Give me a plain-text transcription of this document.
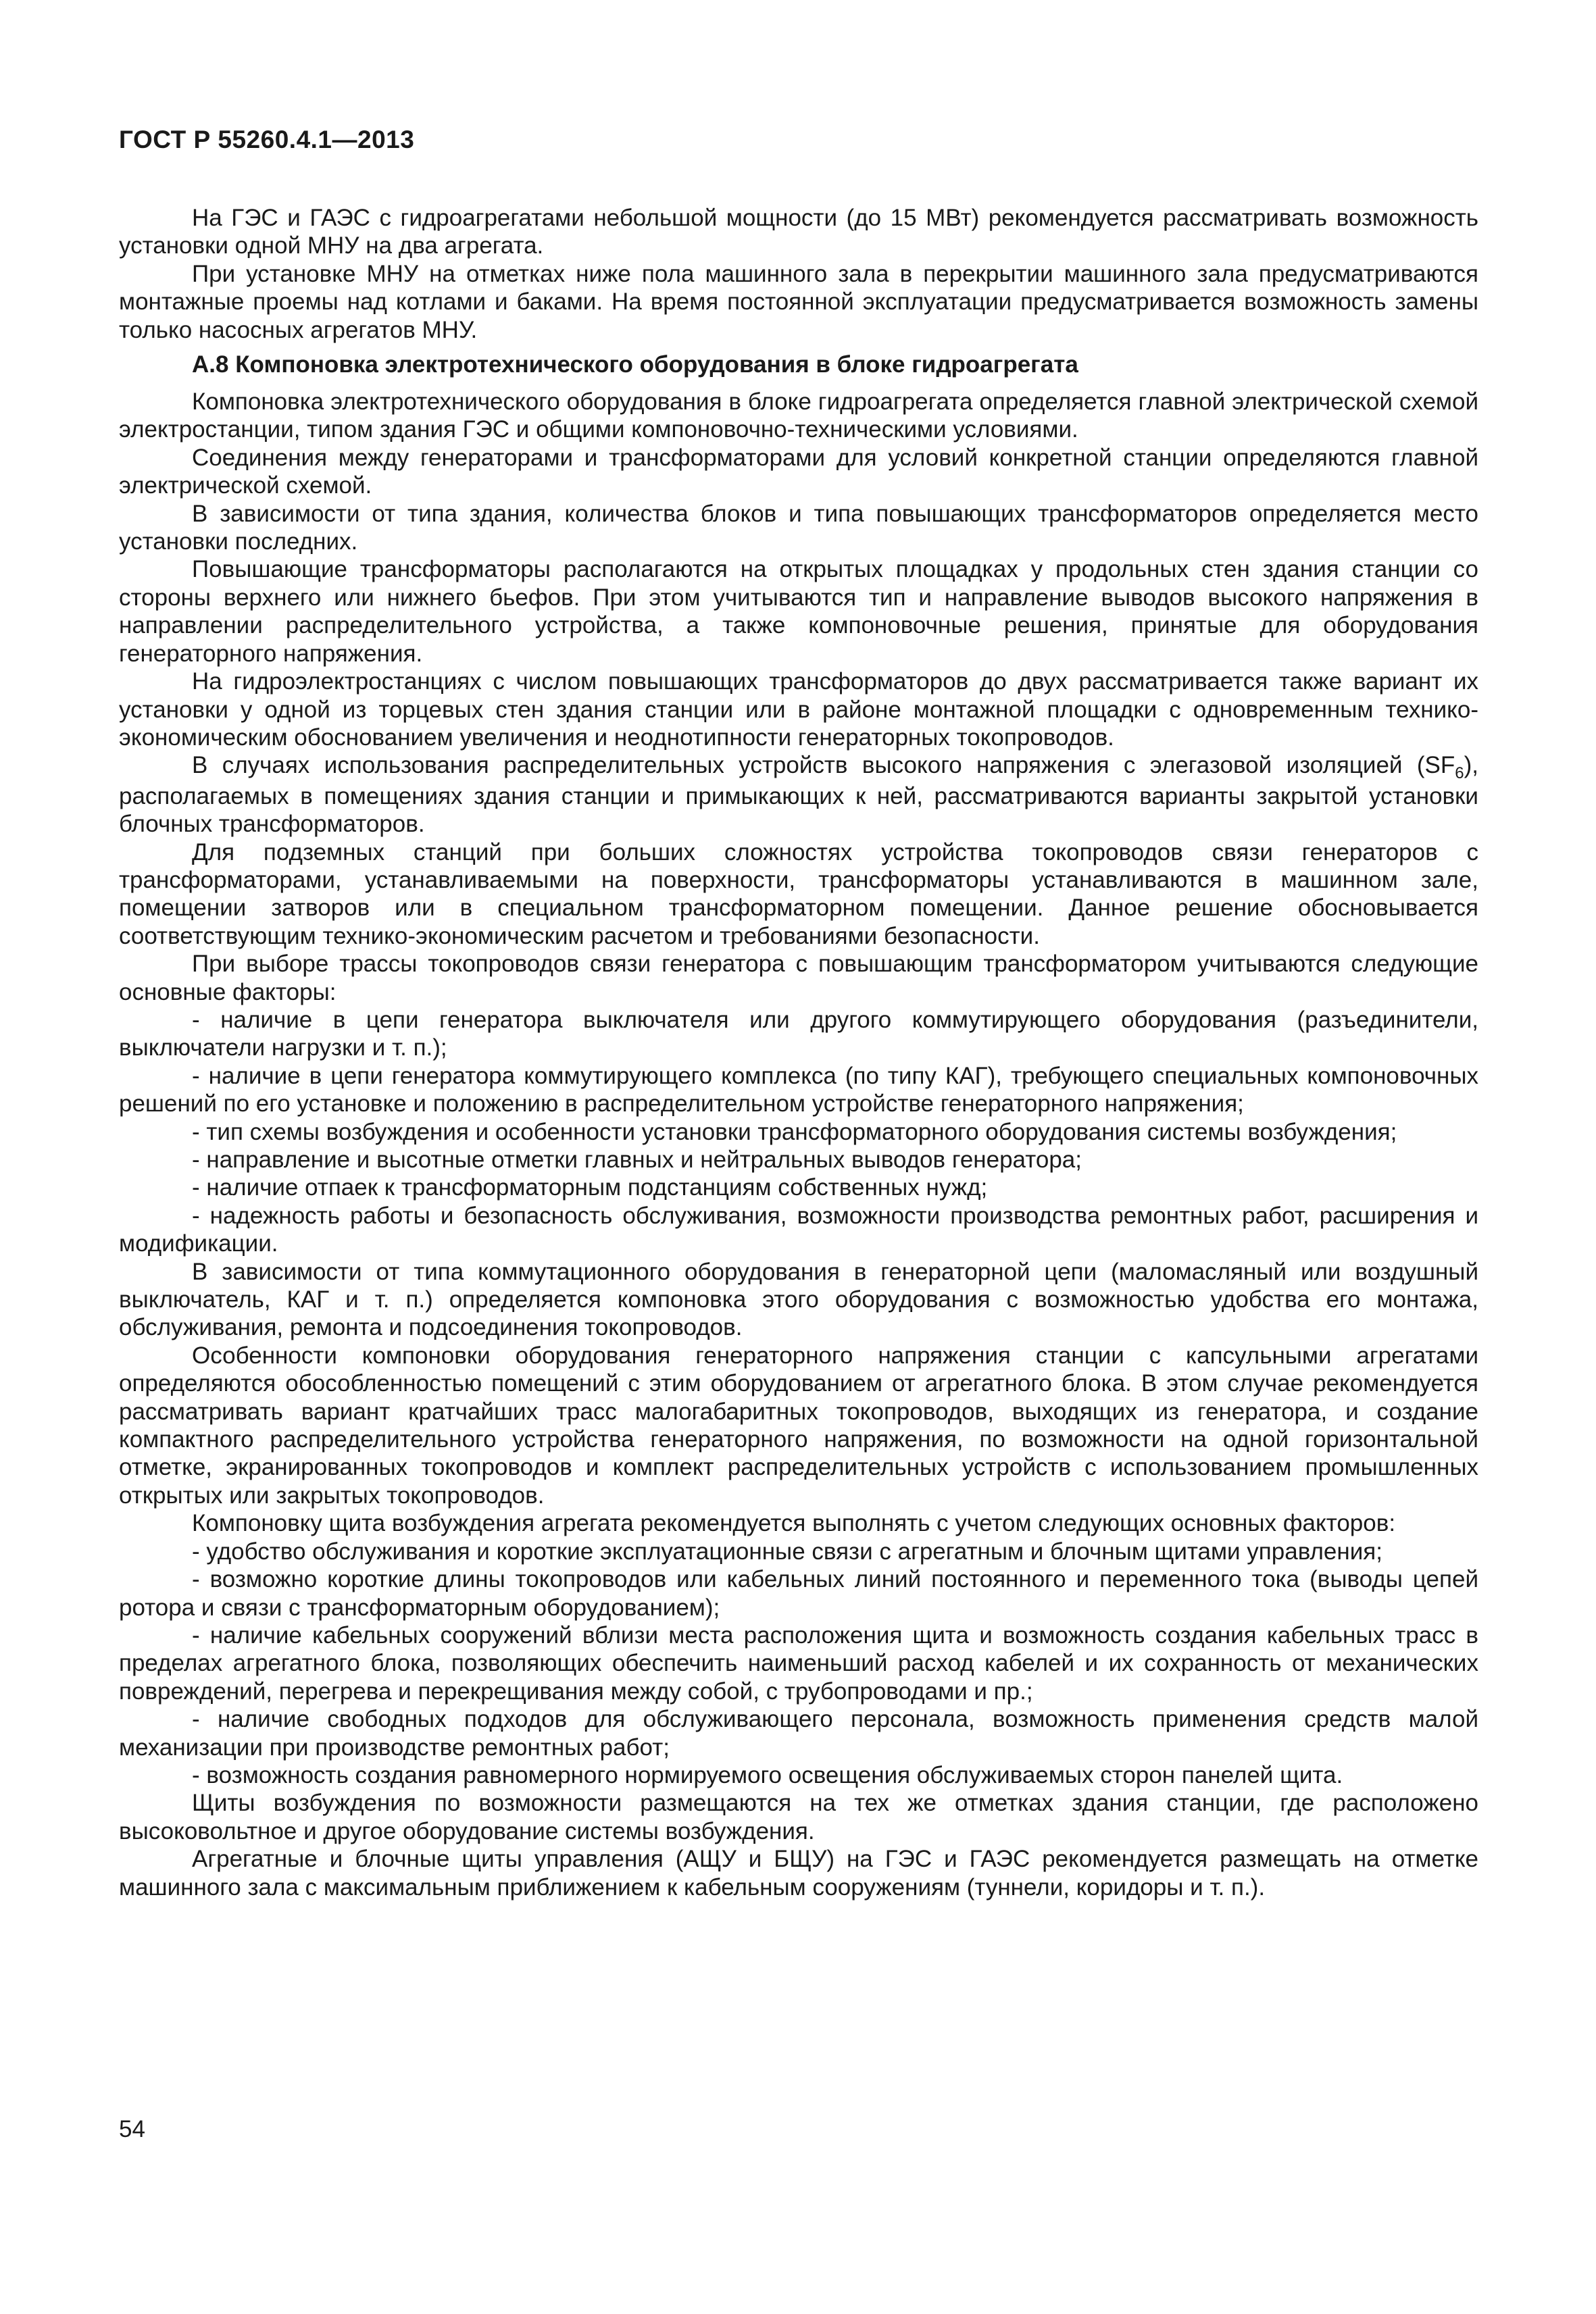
ГОСТ Р 55260.4.1—2013

На ГЭС и ГАЭС с гидроагрегатами небольшой мощности (до 15 МВт) рекомендуется рассматривать возможность установки одной МНУ на два агрегата.

При установке МНУ на отметках ниже пола машинного зала в перекрытии машинного зала предусматриваются монтажные проемы над котлами и баками. На время постоянной эксплуатации предусматривается возможность замены только насосных агрегатов МНУ.

А.8 Компоновка электротехнического оборудования в блоке гидроагрегата

Компоновка электротехнического оборудования в блоке гидроагрегата определяется главной электрической схемой электростанции, типом здания ГЭС и общими компоновочно-техническими условиями.

Соединения между генераторами и трансформаторами для условий конкретной станции определяются главной электрической схемой.

В зависимости от типа здания, количества блоков и типа повышающих трансформаторов определяется место установки последних.

Повышающие трансформаторы располагаются на открытых площадках у продольных стен здания станции со стороны верхнего или нижнего бьефов. При этом учитываются тип и направление выводов высокого напряжения в направлении распределительного устройства, а также компоновочные решения, принятые для оборудования генераторного напряжения.

На гидроэлектростанциях с числом повышающих трансформаторов до двух рассматривается также вариант их установки у одной из торцевых стен здания станции или в районе монтажной площадки с одновременным технико-экономическим обоснованием увеличения и неоднотипности генераторных токопроводов.

В случаях использования распределительных устройств высокого напряжения с элегазовой изоляцией $(SF_6)$, располагаемых в помещениях здания станции и примыкающих к ней, рассматриваются варианты закрытой установки блочных трансформаторов.

Для подземных станций при больших сложностях устройства токопроводов связи генераторов с трансформаторами, устанавливаемыми на поверхности, трансформаторы устанавливаются в машинном зале, помещении затворов или в специальном трансформаторном помещении. Данное решение обосновывается соответствующим технико-экономическим расчетом и требованиями безопасности.

При выборе трассы токопроводов связи генератора с повышающим трансформатором учитываются следующие основные факторы:

- наличие в цепи генератора выключателя или другого коммутирующего оборудования (разъединители, выключатели нагрузки и т. п.);

- наличие в цепи генератора коммутирующего комплекса (по типу КАГ), требующего специальных компоновочных решений по его установке и положению в распределительном устройстве генераторного напряжения;

- тип схемы возбуждения и особенности установки трансформаторного оборудования системы возбуждения;

- направление и высотные отметки главных и нейтральных выводов генератора;

- наличие отпаек к трансформаторным подстанциям собственных нужд;

- надежность работы и безопасность обслуживания, возможности производства ремонтных работ, расширения и модификации.

В зависимости от типа коммутационного оборудования в генераторной цепи (маломасляный или воздушный выключатель, КАГ и т. п.) определяется компоновка этого оборудования с возможностью удобства его монтажа, обслуживания, ремонта и подсоединения токопроводов.

Особенности компоновки оборудования генераторного напряжения станции с капсульными агрегатами определяются обособленностью помещений с этим оборудованием от агрегатного блока. В этом случае рекомендуется рассматривать вариант кратчайших трасс малогабаритных токопроводов, выходящих из генератора, и создание компактного распределительного устройства генераторного напряжения, по возможности на одной горизонтальной отметке, экранированных токопроводов и комплект распределительных устройств с использованием промышленных открытых или закрытых токопроводов.

Компоновку щита возбуждения агрегата рекомендуется выполнять с учетом следующих основных факторов:

- удобство обслуживания и короткие эксплуатационные связи с агрегатным и блочным щитами управления;

- возможно короткие длины токопроводов или кабельных линий постоянного и переменного тока (выводы цепей ротора и связи с трансформаторным оборудованием);

- наличие кабельных сооружений вблизи места расположения щита и возможность создания кабельных трасс в пределах агрегатного блока, позволяющих обеспечить наименьший расход кабелей и их сохранность от механических повреждений, перегрева и перекрещивания между собой, с трубопроводами и пр.;

- наличие свободных подходов для обслуживающего персонала, возможность применения средств малой механизации при производстве ремонтных работ;

- возможность создания равномерного нормируемого освещения обслуживаемых сторон панелей щита.

Щиты возбуждения по возможности размещаются на тех же отметках здания станции, где расположено высоковольтное и другое оборудование системы возбуждения.

Агрегатные и блочные щиты управления (АЩУ и БЩУ) на ГЭС и ГАЭС рекомендуется размещать на отметке машинного зала с максимальным приближением к кабельным сооружениям (туннели, коридоры и т. п.).

54
